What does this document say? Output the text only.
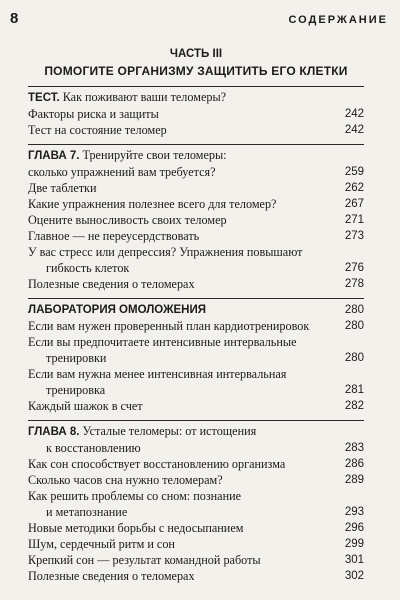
8	СОДЕРЖАНИЕ
ЧАСТЬ III
ПОМОГИТЕ ОРГАНИЗМУ ЗАЩИТИТЬ ЕГО КЛЕТКИ
ТЕСТ. Как поживают ваши теломеры?
Факторы риска и защиты	242
Тест на состояние теломер	242
ГЛАВА 7. Тренируйте свои теломеры:
сколько упражнений вам требуется?	259
Две таблетки	262
Какие упражнения полезнее всего для теломер?	267
Оцените выносливость своих теломер	271
Главное — не переусердствовать	273
У вас стресс или депрессия? Упражнения повышают
гибкость клеток	276
Полезные сведения о теломерах	278
ЛАБОРАТОРИЯ ОМОЛОЖЕНИЯ	280
Если вам нужен проверенный план кардиотренировок	280
Если вы предпочитаете интенсивные интервальные
тренировки	280
Если вам нужна менее интенсивная интервальная
тренировка	281
Каждый шажок в счет	282
ГЛАВА 8. Усталые теломеры: от истощения
к восстановлению	283
Как сон способствует восстановлению организма	286
Сколько часов сна нужно теломерам?	289
Как решить проблемы со сном: познание
и метапознание	293
Новые методики борьбы с недосыпанием	296
Шум, сердечный ритм и сон	299
Крепкий сон — результат командной работы	301
Полезные сведения о теломерах	302
